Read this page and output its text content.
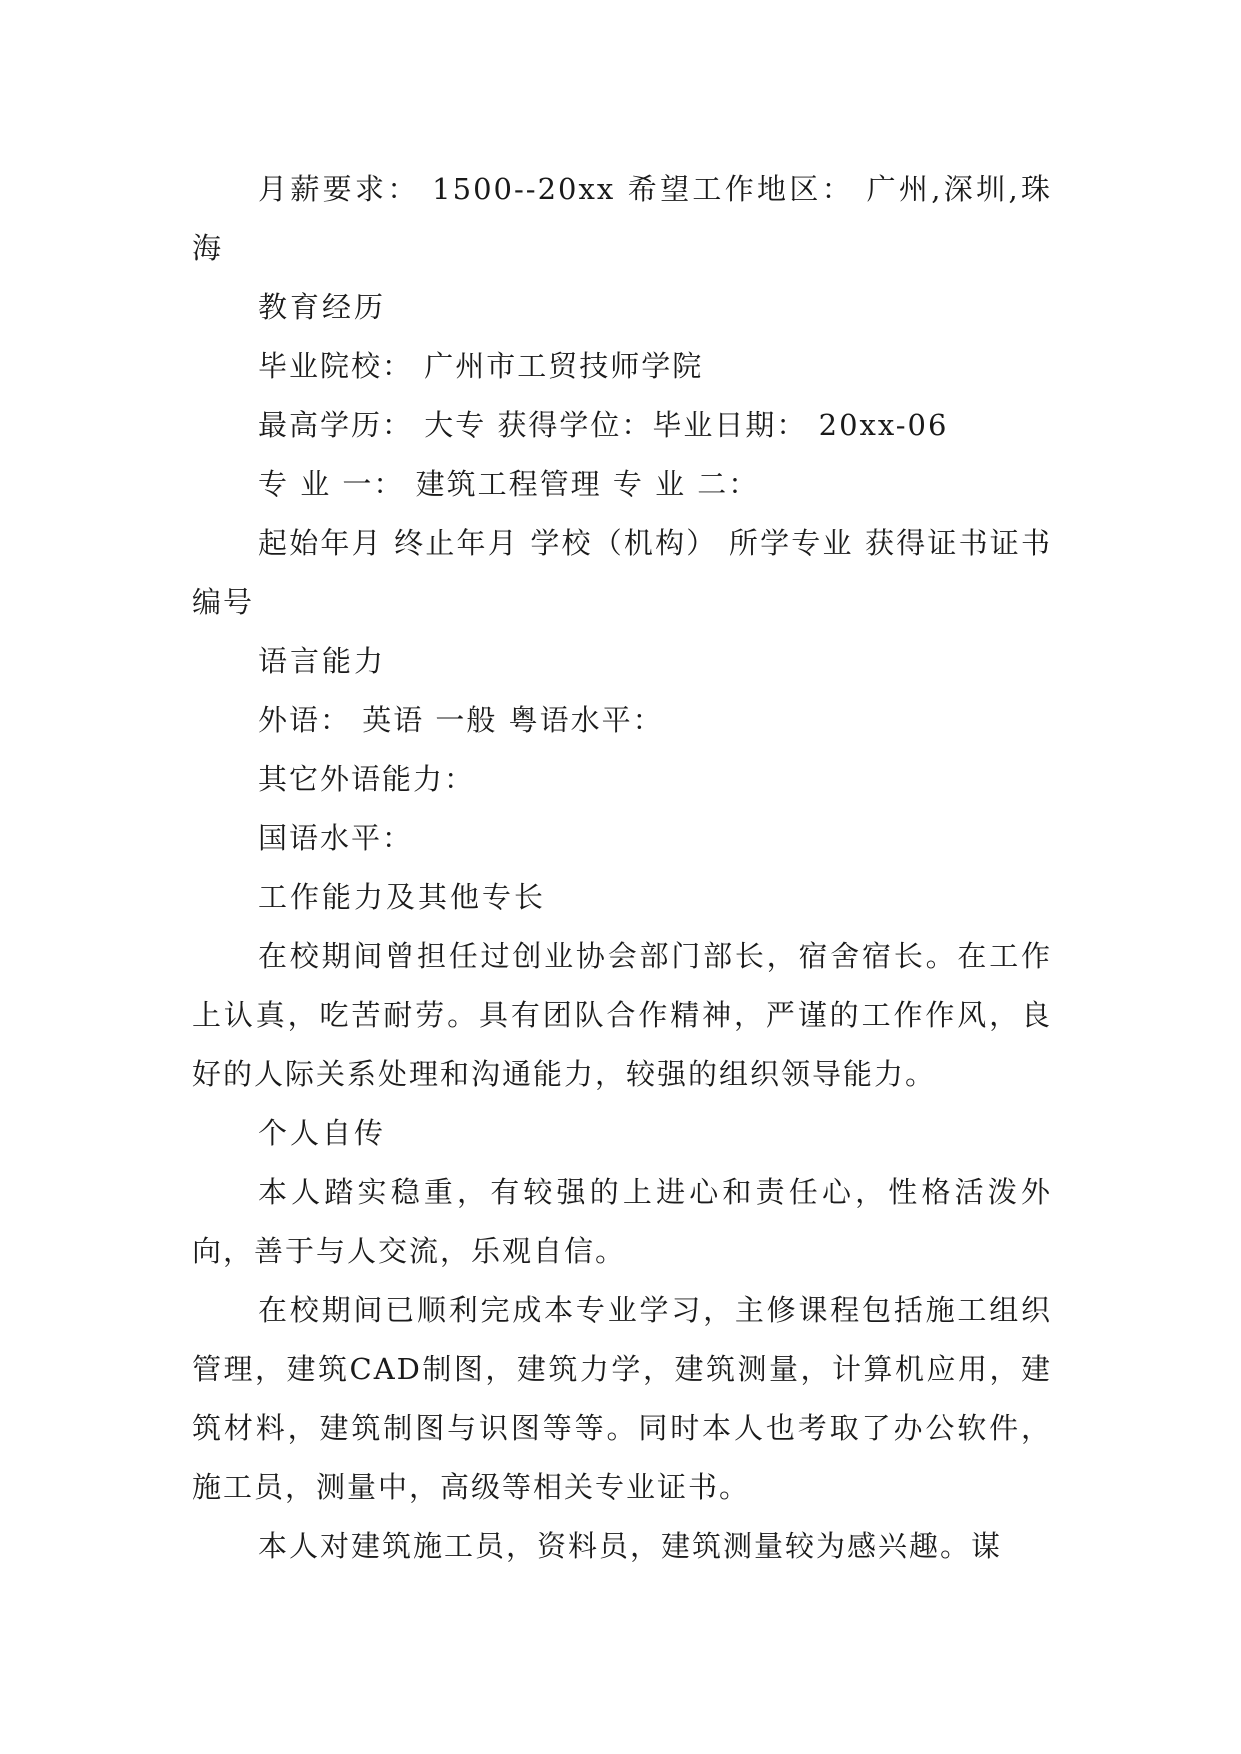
月薪要求： 1500--20xx 希望工作地区： 广州,深圳,珠海

教育经历

毕业院校： 广州市工贸技师学院

最高学历： 大专 获得学位：毕业日期： 20xx-06

专 业 一： 建筑工程管理 专 业 二：

起始年月 终止年月 学校（机构） 所学专业 获得证书证书编号

语言能力

外语： 英语 一般 粤语水平：

其它外语能力：

国语水平：

工作能力及其他专长

在校期间曾担任过创业协会部门部长，宿舍宿长。在工作上认真，吃苦耐劳。具有团队合作精神，严谨的工作作风，良好的人际关系处理和沟通能力，较强的组织领导能力。

个人自传

本人踏实稳重，有较强的上进心和责任心，性格活泼外向，善于与人交流，乐观自信。

在校期间已顺利完成本专业学习，主修课程包括施工组织管理，建筑CAD制图，建筑力学，建筑测量，计算机应用，建筑材料，建筑制图与识图等等。同时本人也考取了办公软件，施工员，测量中，高级等相关专业证书。

本人对建筑施工员，资料员，建筑测量较为感兴趣。谋
